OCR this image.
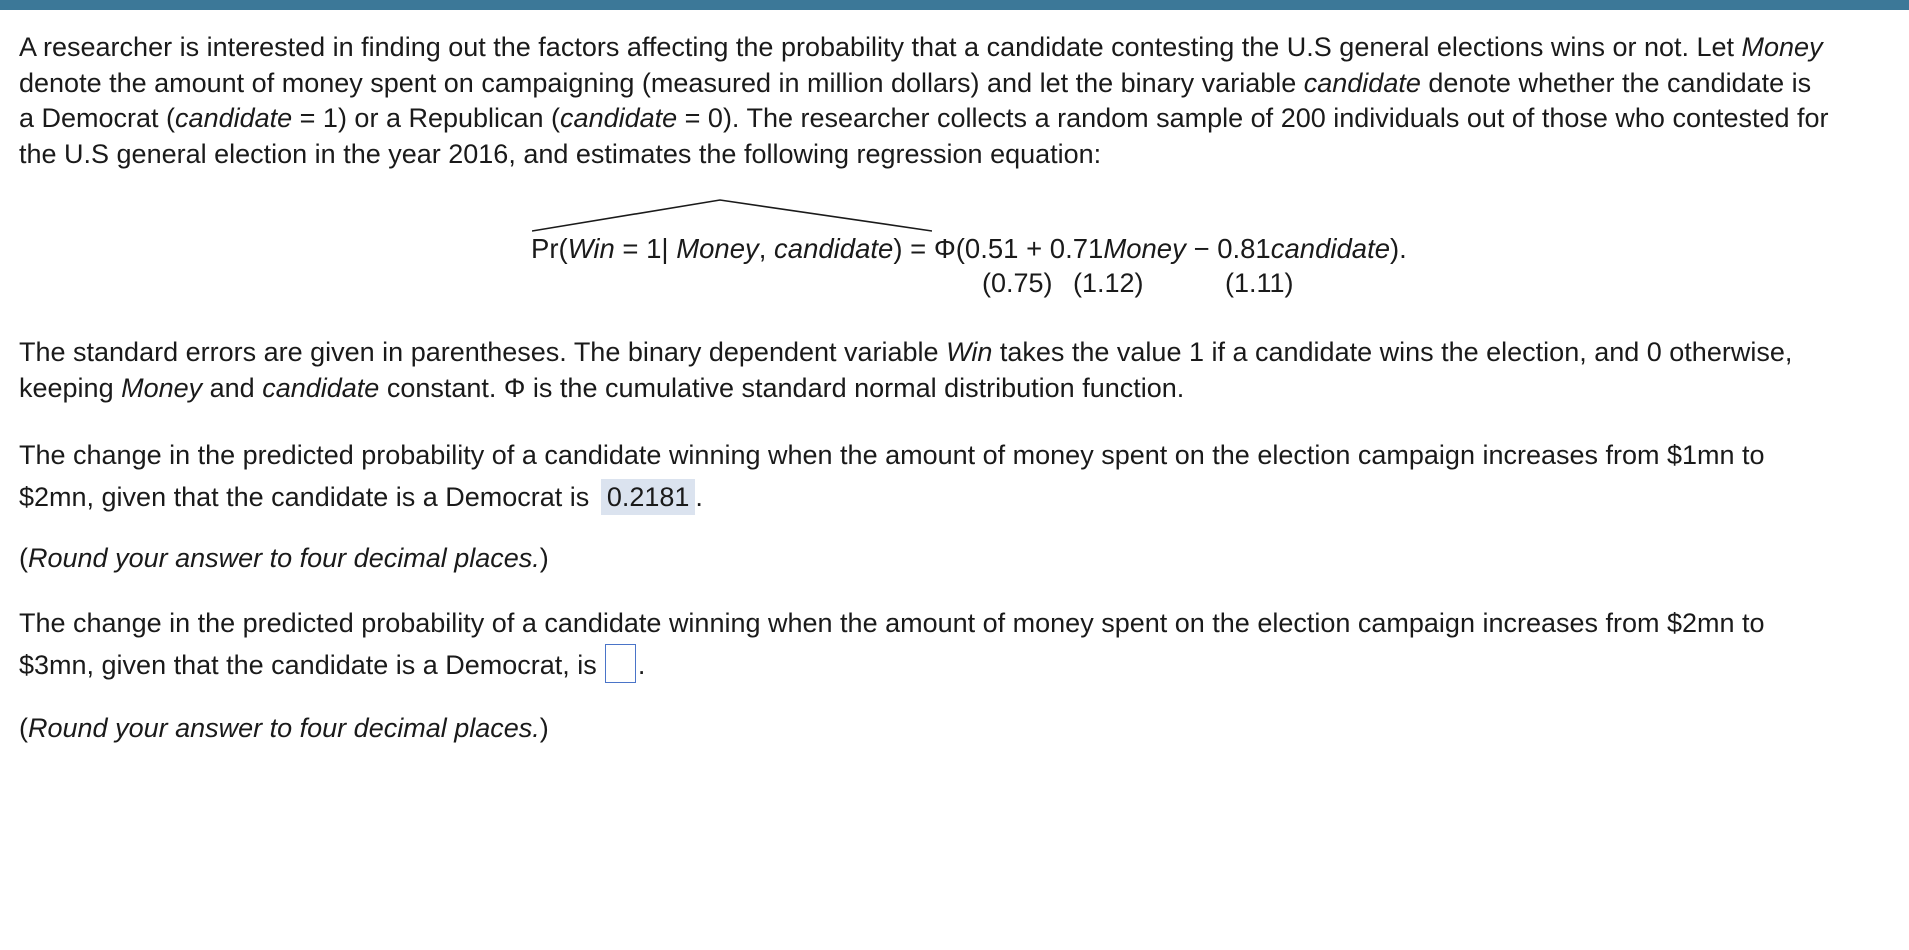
A researcher is interested in finding out the factors affecting the probability that a candidate contesting the U.S general elections wins or not. Let Money
denote the amount of money spent on campaigning (measured in million dollars) and let the binary variable candidate denote whether the candidate is
a Democrat (candidate = 1) or a Republican (candidate = 0). The researcher collects a random sample of 200 individuals out of those who contested for
the U.S general election in the year 2016, and estimates the following regression equation:
Pr(Win = 1| Money, candidate) = Φ(0.51 + 0.71Money − 0.81candidate).
(0.75) (1.12)	(1.11)
The standard errors are given in parentheses. The binary dependent variable Win takes the value 1 if a candidate wins the election, and 0 otherwise,
keeping Money and candidate constant. Φ is the cumulative standard normal distribution function.
The change in the predicted probability of a candidate winning when the amount of money spent on the election campaign increases from $1mn to
$2mn, given that the candidate is a Democrat is 0.2181 .
(Round your answer to four decimal places.)
The change in the predicted probability of a candidate winning when the amount of money spent on the election campaign increases from $2mn to
$3mn, given that the candidate is a Democrat, is .
(Round your answer to four decimal places.)
